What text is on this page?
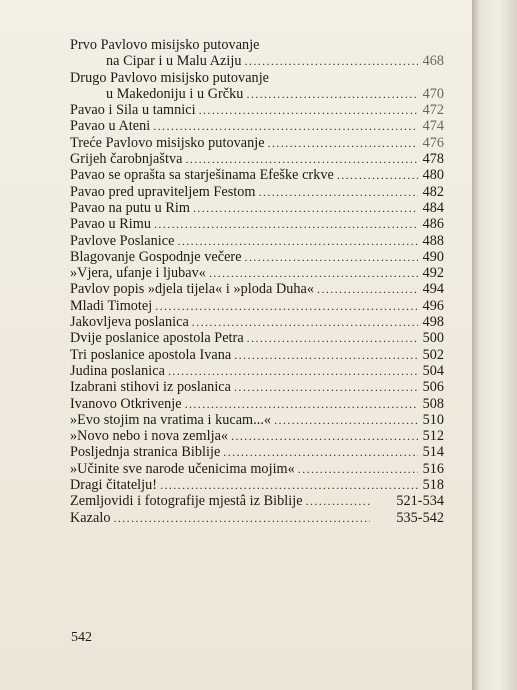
Prvo Pavlovo misijsko putovanje
na Cipar i u Malu Aziju .....	468
Drugo Pavlovo misijsko putovanje
u Makedoniju i u Grčku .....	470
Pavao i Sila u tamnici .....	472
Pavao u Ateni .....	474
Treće Pavlovo misijsko putovanje .....	476
Grijeh čarobnjaštva .....	478
Pavao se oprašta sa starješinama Efeške crkve .....	480
Pavao pred upraviteljem Festom .....	482
Pavao na putu u Rim .....	484
Pavao u Rimu .....	486
Pavlove Poslanice .....	488
Blagovanje Gospodnje večere .....	490
»Vjera, ufanje i ljubav« .....	492
Pavlov popis »djela tijela« i »ploda Duha« .....	494
Mladi Timotej .....	496
Jakovljeva poslanica .....	498
Dvije poslanice apostola Petra .....	500
Tri poslanice apostola Ivana .....	502
Judina poslanica .....	504
Izabrani stihovi iz poslanica .....	506
Ivanovo Otkrivenje .....	508
»Evo stojim na vratima i kucam...« .....	510
»Novo nebo i nova zemlja« .....	512
Posljednja stranica Biblije .....	514
»Učinite sve narode učenicima mojim« .....	516
Dragi čitatelju! .....	518
Zemljovidi i fotografije mjestâ iz Biblije .....	521-534
Kazalo .....	535-542
542
